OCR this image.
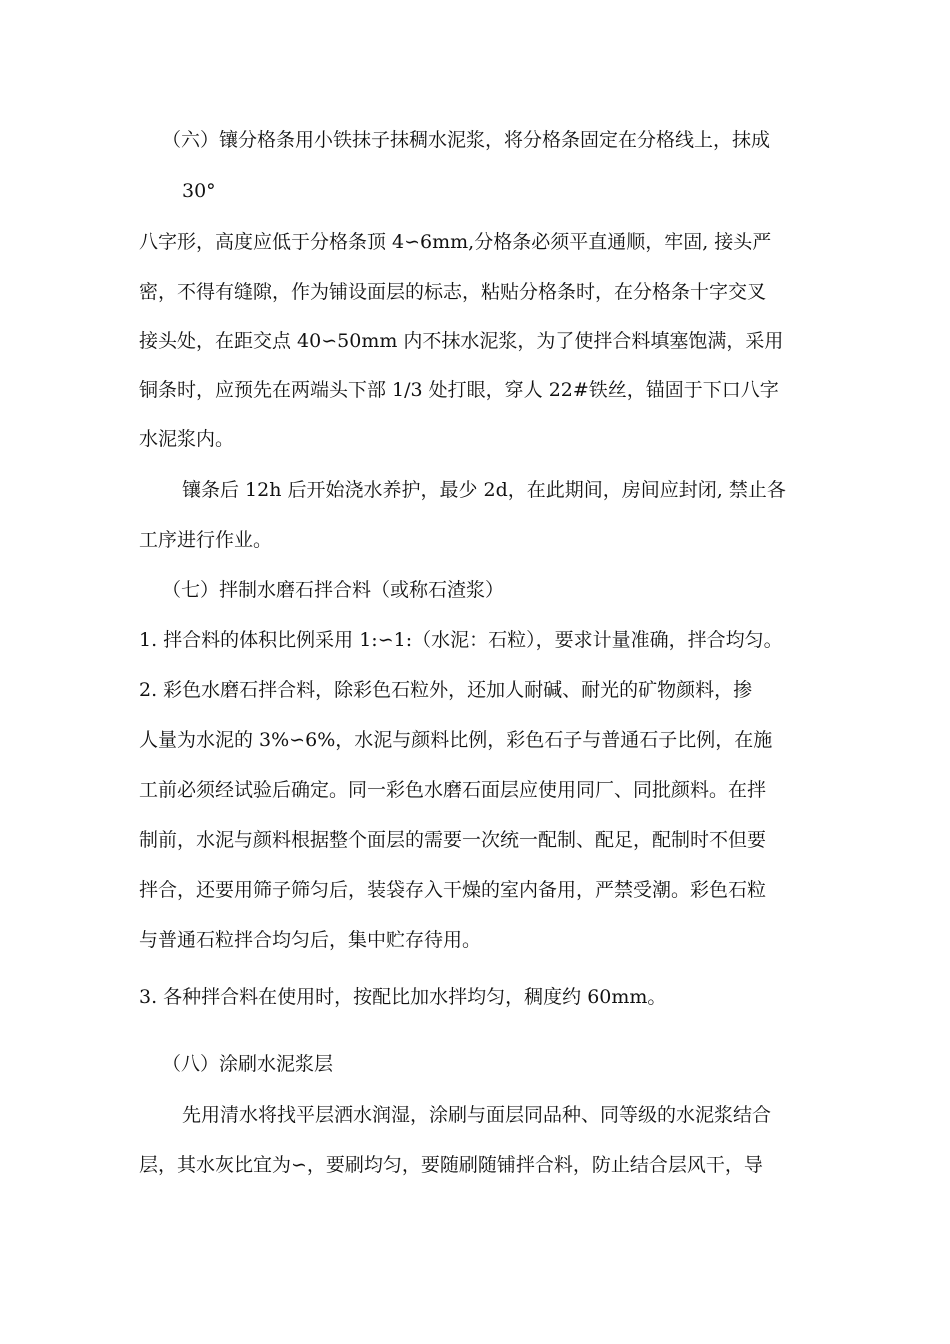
（六）镶分格条用小铁抹子抹稠水泥浆，将分格条固定在分格线上，抹成
30°
八字形，高度应低于分格条顶 4∽6mm,分格条必须平直通顺，牢固, 接头严
密，不得有缝隙，作为铺设面层的标志，粘贴分格条时，在分格条十字交叉
接头处，在距交点 40∽50mm 内不抹水泥浆，为了使拌合料填塞饱满，采用
铜条时，应预先在两端头下部 1/3 处打眼，穿人 22#铁丝，锚固于下口八字
水泥浆内。
镶条后 12h 后开始浇水养护，最少 2d，在此期间，房间应封闭, 禁止各
工序进行作业。
（七）拌制水磨石拌合料（或称石渣浆）
1. 拌合料的体积比例采用 1:∽1:（水泥：石粒），要求计量准确，拌合均匀。
2. 彩色水磨石拌合料，除彩色石粒外，还加人耐碱、耐光的矿物颜料，掺
人量为水泥的 3%∽6%，水泥与颜料比例，彩色石子与普通石子比例，在施
工前必须经试验后确定。同一彩色水磨石面层应使用同厂、同批颜料。在拌
制前，水泥与颜料根据整个面层的需要一次统一配制、配足，配制时不但要
拌合，还要用筛子筛匀后，装袋存入干燥的室内备用，严禁受潮。彩色石粒
与普通石粒拌合均匀后，集中贮存待用。
3. 各种拌合料在使用时，按配比加水拌均匀，稠度约 60mm。
（八）涂刷水泥浆层
先用清水将找平层洒水润湿，涂刷与面层同品种、同等级的水泥浆结合
层，其水灰比宜为∽，要刷均匀，要随刷随铺拌合料，防止结合层风干，导
